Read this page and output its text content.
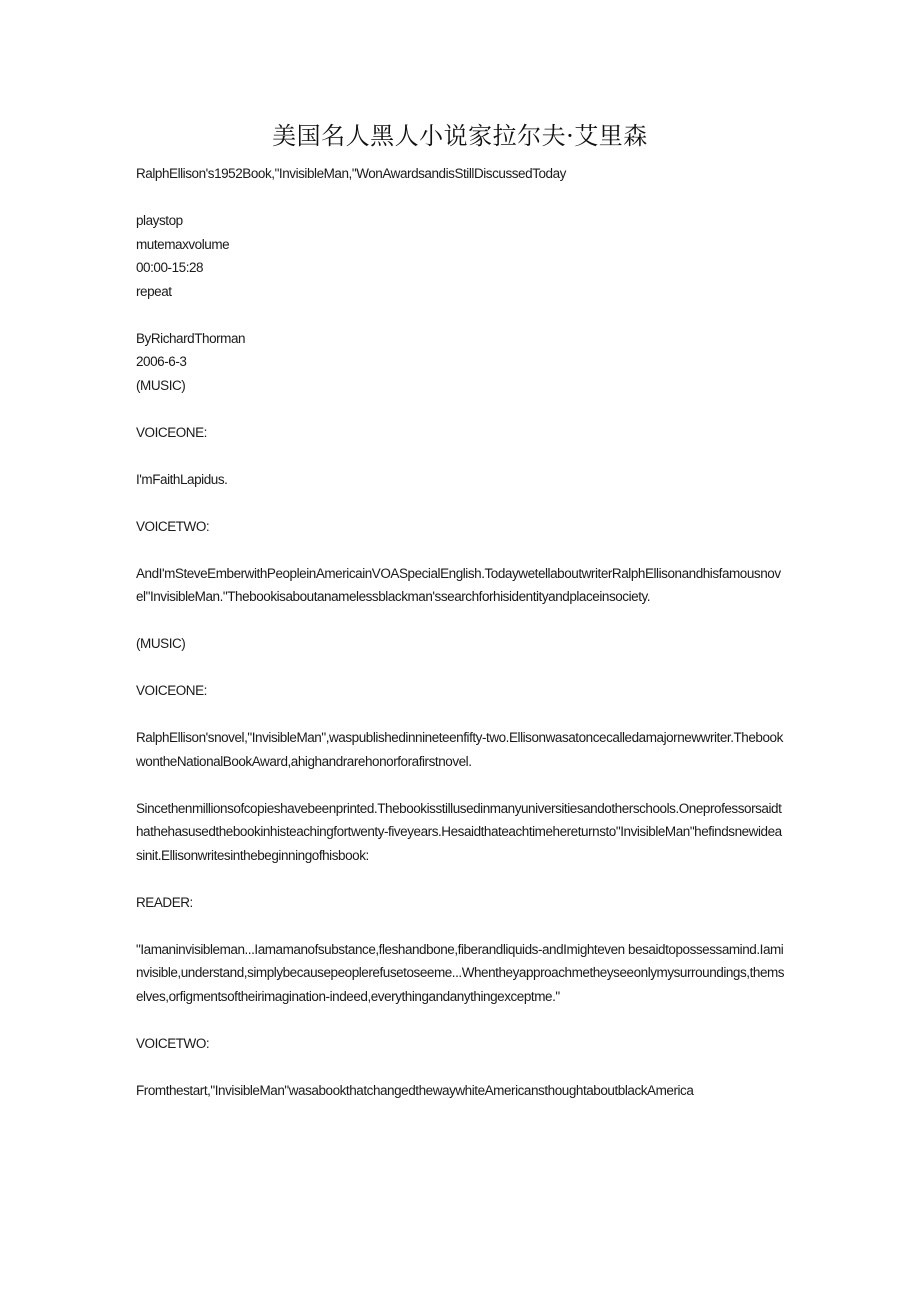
美国名人黑人小说家拉尔夫·艾里森

RalphEllison's1952Book,"InvisibleMan,"WonAwardsandisStillDiscussedToday

playstop

mutemaxvolume

00:00-15:28

repeat

ByRichardThorman

2006-6-3

(MUSIC)

VOICEONE:

I'mFaithLapidus.

VOICETWO:

AndI'mSteveEmberwithPeopleinAmericainVOASpecialEnglish.TodaywetellaboutwriterRalphEllisonandhisfamousnovel"InvisibleMan."Thebookisaboutanamelessblackman'ssearchforhisidentityandplaceinsociety.

(MUSIC)

VOICEONE:

RalphEllison'snovel,"InvisibleMan",waspublishedinnineteenfifty-two.Ellisonwasatoncecalledamajornewwriter.ThebookwontheNationalBookAward,ahighandrarehonorforafirstnovel.

Sincethenmillionsofcopieshavebeenprinted.Thebookisstillusedinmanyuniversitiesandotherschools.Oneprofessorsaidthathehasusedthebookinhisteachingfortwenty-fiveyears.Hesaidthateachtimehereturnsto"InvisibleMan"hefindsnewideasinit.Ellisonwritesinthebeginningofhisbook:

READER:

"Iamaninvisibleman...Iamamanofsubstance,fleshandbone,fiberandliquids-andImighteven besaidtopossessamind.Iaminvisible,understand,simplybecausepeoplerefusetoseeme...Whentheyapproachmetheyseeonlymysurroundings,themselves,orfigmentsoftheirimagination-indeed,everythingandanythingexceptme."

VOICETWO:

Fromthestart,"InvisibleMan"wasabookthatchangedthewaywhiteAmericansthoughtaboutblackAmerica
